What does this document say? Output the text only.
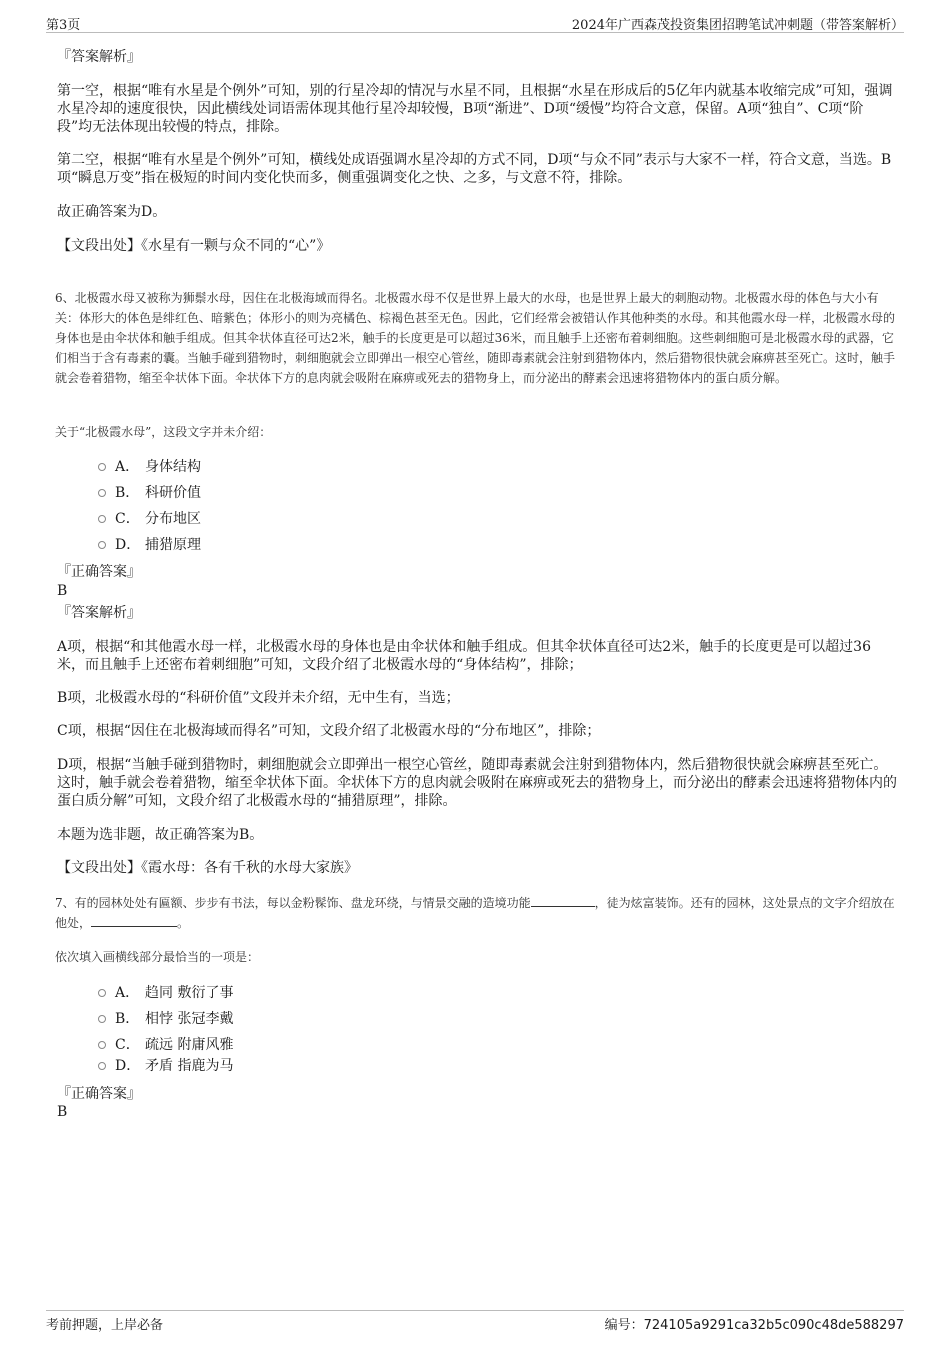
第3页	2024年广西森茂投资集团招聘笔试冲刺题（带答案解析）
『答案解析』
第一空，根据“唯有水星是个例外”可知，别的行星冷却的情况与水星不同，且根据“水星在形成后的5亿年内就基本收缩完成”可知，强调水星冷却的速度很快，因此横线处词语需体现其他行星冷却较慢，B项“渐进”、D项“缓慢”均符合文意，保留。A项“独自”、C项“阶段”均无法体现出较慢的特点，排除。
第二空，根据“唯有水星是个例外”可知，横线处成语强调水星冷却的方式不同，D项“与众不同”表示与大家不一样，符合文意，当选。B项“瞬息万变”指在极短的时间内变化快而多，侧重强调变化之快、之多，与文意不符，排除。
故正确答案为D。
【文段出处】《水星有一颗与众不同的“心”》
6、北极霞水母又被称为狮鬃水母，因住在北极海域而得名。北极霞水母不仅是世界上最大的水母，也是世界上最大的刺胞动物。北极霞水母的体色与大小有关：体形大的体色是绯红色、暗紫色；体形小的则为亮橘色、棕褐色甚至无色。因此，它们经常会被错认作其他种类的水母。和其他霞水母一样，北极霞水母的身体也是由伞状体和触手组成。但其伞状体直径可达2米，触手的长度更是可以超过36米，而且触手上还密布着刺细胞。这些刺细胞可是北极霞水母的武器，它们相当于含有毒素的囊。当触手碰到猎物时，刺细胞就会立即弹出一根空心管丝，随即毒素就会注射到猎物体内，然后猎物很快就会麻痹甚至死亡。这时，触手就会卷着猎物，缩至伞状体下面。伞状体下方的息肉就会吸附在麻痹或死去的猎物身上，而分泌出的酵素会迅速将猎物体内的蛋白质分解。
关于“北极霞水母”，这段文字并未介绍：
A． 身体结构
B． 科研价值
C． 分布地区
D． 捕猎原理
『正确答案』
B
『答案解析』
A项，根据“和其他霞水母一样，北极霞水母的身体也是由伞状体和触手组成。但其伞状体直径可达2米，触手的长度更是可以超过36米，而且触手上还密布着刺细胞”可知，文段介绍了北极霞水母的“身体结构”，排除；
B项，北极霞水母的“科研价值”文段并未介绍，无中生有，当选；
C项，根据“因住在北极海域而得名”可知，文段介绍了北极霞水母的“分布地区”，排除；
D项，根据“当触手碰到猎物时，刺细胞就会立即弹出一根空心管丝，随即毒素就会注射到猎物体内，然后猎物很快就会麻痹甚至死亡。这时，触手就会卷着猎物，缩至伞状体下面。伞状体下方的息肉就会吸附在麻痹或死去的猎物身上，而分泌出的酵素会迅速将猎物体内的蛋白质分解”可知，文段介绍了北极霞水母的“捕猎原理”，排除。
本题为选非题，故正确答案为B。
【文段出处】《霞水母：各有千秋的水母大家族》
7、有的园林处处有匾额、步步有书法，每以金粉髹饰、盘龙环绕，与情景交融的造境功能	，徒为炫富装饰。还有的园林，这处景点的文字介绍放在他处，	。
依次填入画横线部分最恰当的一项是：
A． 趋同 敷衍了事
B． 相悖 张冠李戴
C． 疏远 附庸风雅
D． 矛盾 指鹿为马
『正确答案』
B
考前押题，上岸必备	编号：724105a9291ca32b5c090c48de588297
